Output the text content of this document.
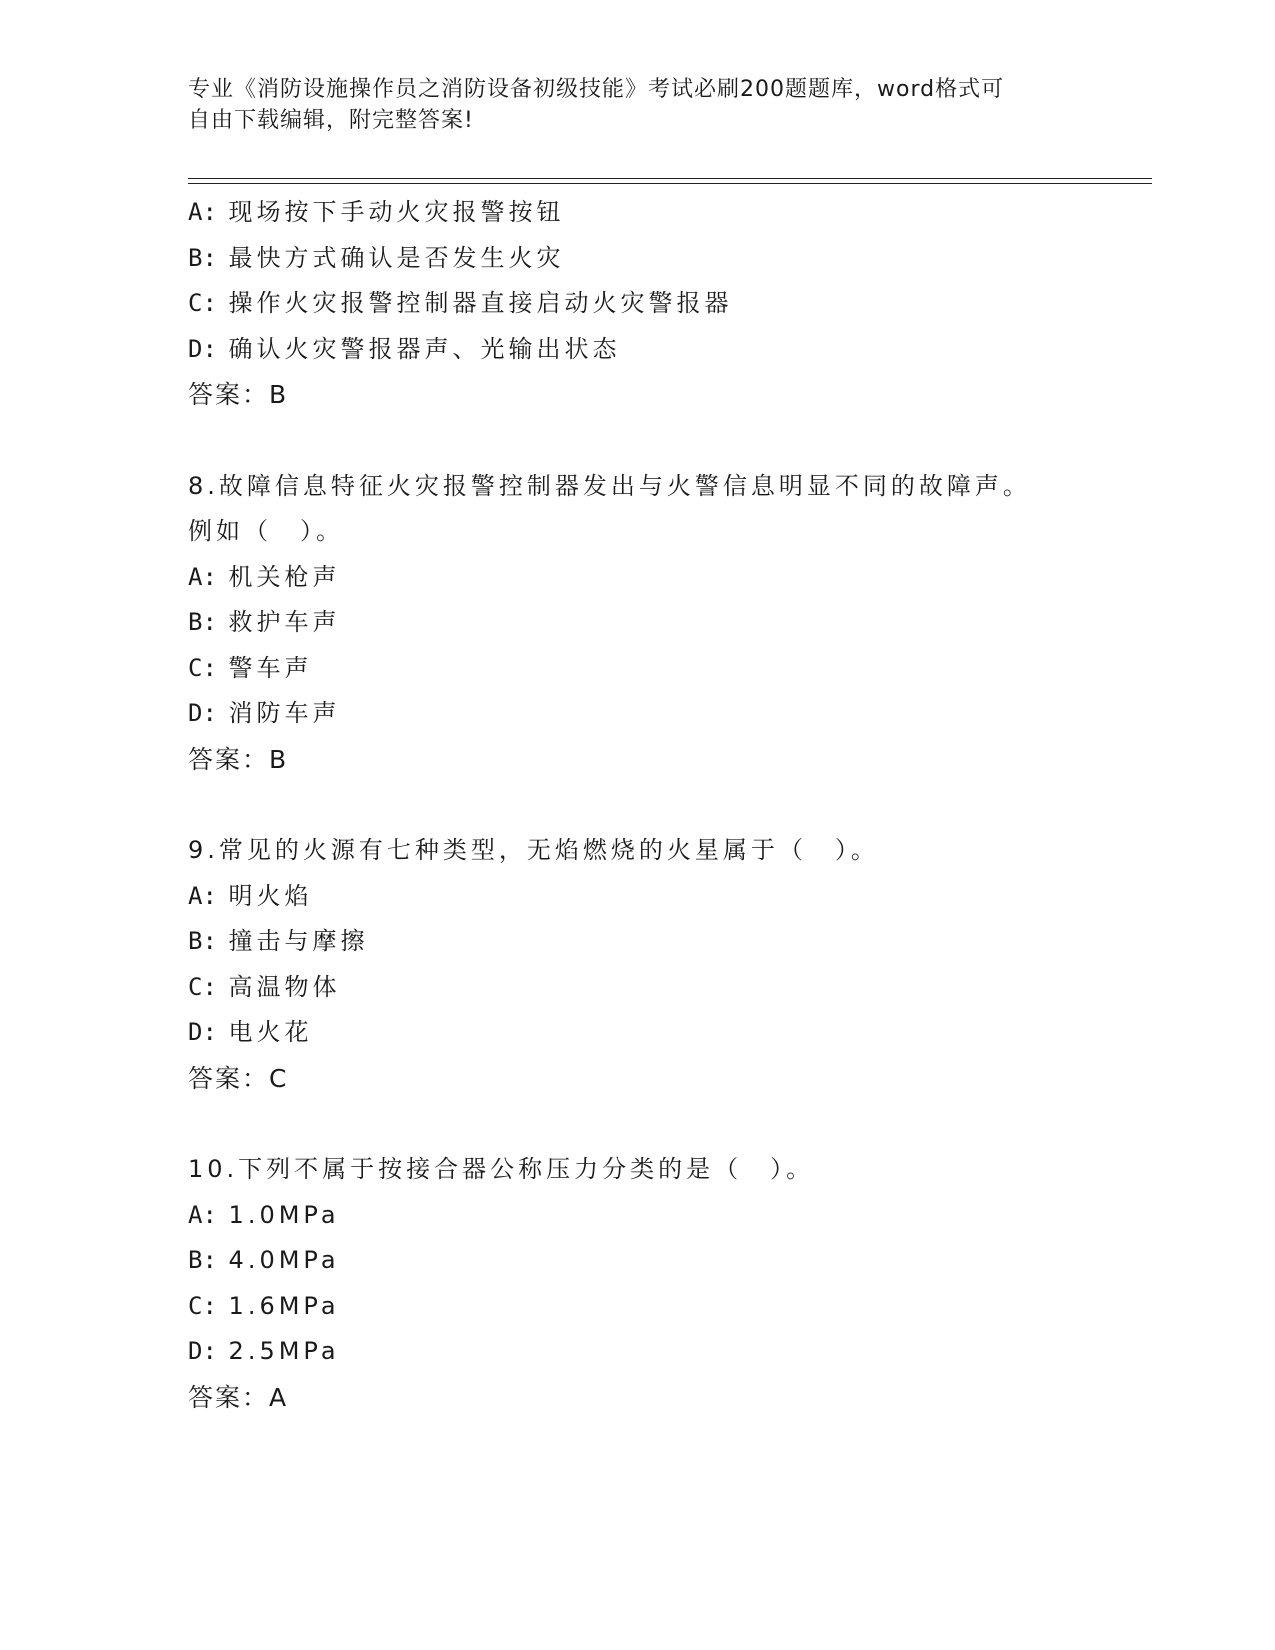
专业《消防设施操作员之消防设备初级技能》考试必刷200题题库，word格式可
自由下载编辑，附完整答案!
A: 现场按下手动火灾报警按钮
B: 最快方式确认是否发生火灾
C: 操作火灾报警控制器直接启动火灾警报器
D: 确认火灾警报器声、光输出状态
答案：B
8.故障信息特征火灾报警控制器发出与火警信息明显不同的故障声。
例如（　）。
A: 机关枪声
B: 救护车声
C: 警车声
D: 消防车声
答案：B
9.常见的火源有七种类型，无焰燃烧的火星属于（　）。
A: 明火焰
B: 撞击与摩擦
C: 高温物体
D: 电火花
答案：C
10.下列不属于按接合器公称压力分类的是（　）。
A: 1.0MPa
B: 4.0MPa
C: 1.6MPa
D: 2.5MPa
答案：A
